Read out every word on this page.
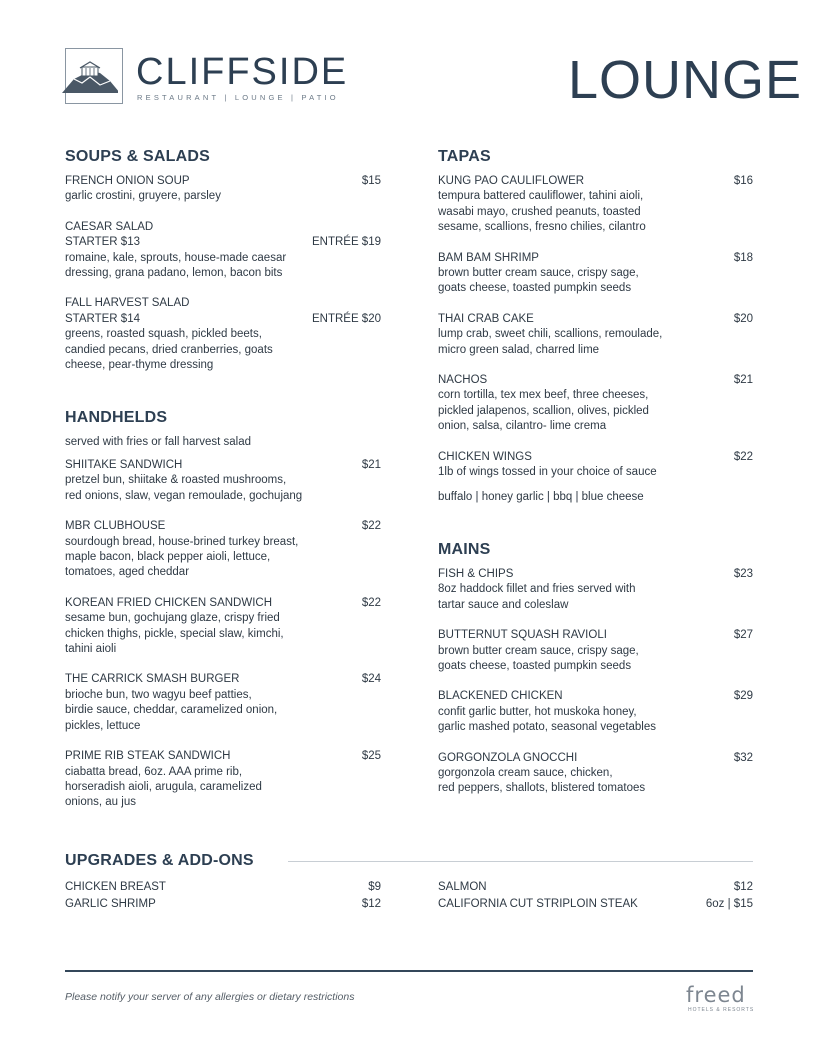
CLIFFSIDE
RESTAURANT | LOUNGE | PATIO	LOUNGE
SOUPS & SALADS
FRENCH ONION SOUP	$15
garlic crostini, gruyere, parsley
CAESAR SALAD
STARTER $13	ENTRÉE $19
romaine, kale, sprouts, house-made caesar
dressing, grana padano, lemon, bacon bits
FALL HARVEST SALAD
STARTER $14	ENTRÉE $20
greens, roasted squash, pickled beets,
candied pecans, dried cranberries, goats
cheese, pear-thyme dressing
HANDHELDS
served with fries or fall harvest salad
SHIITAKE SANDWICH	$21
pretzel bun, shiitake & roasted mushrooms,
red onions, slaw, vegan remoulade, gochujang
MBR CLUBHOUSE	$22
sourdough bread, house-brined turkey breast,
maple bacon, black pepper aioli, lettuce,
tomatoes, aged cheddar
KOREAN FRIED CHICKEN SANDWICH	$22
sesame bun, gochujang glaze, crispy fried
chicken thighs, pickle, special slaw, kimchi,
tahini aioli
THE CARRICK SMASH BURGER	$24
brioche bun, two wagyu beef patties,
birdie sauce, cheddar, caramelized onion,
pickles, lettuce
PRIME RIB STEAK SANDWICH	$25
ciabatta bread, 6oz. AAA prime rib,
horseradish aioli, arugula, caramelized
onions, au jus
TAPAS
KUNG PAO CAULIFLOWER	$16
tempura battered cauliflower, tahini aioli,
wasabi mayo, crushed peanuts, toasted
sesame, scallions, fresno chilies, cilantro
BAM BAM SHRIMP	$18
brown butter cream sauce, crispy sage,
goats cheese, toasted pumpkin seeds
THAI CRAB CAKE	$20
lump crab, sweet chili, scallions, remoulade,
micro green salad, charred lime
NACHOS	$21
corn tortilla, tex mex beef, three cheeses,
pickled jalapenos, scallion, olives, pickled
onion, salsa, cilantro- lime crema
CHICKEN WINGS	$22
1lb of wings tossed in your choice of sauce
buffalo | honey garlic | bbq | blue cheese
MAINS
FISH & CHIPS	$23
8oz haddock fillet and fries served with
tartar sauce and coleslaw
BUTTERNUT SQUASH RAVIOLI	$27
brown butter cream sauce, crispy sage,
goats cheese, toasted pumpkin seeds
BLACKENED CHICKEN	$29
confit garlic butter, hot muskoka honey,
garlic mashed potato, seasonal vegetables
GORGONZOLA GNOCCHI	$32
gorgonzola cream sauce, chicken,
red peppers, shallots, blistered tomatoes
UPGRADES & ADD-ONS
CHICKEN BREAST	$9
GARLIC SHRIMP	$12
SALMON	$12
CALIFORNIA CUT STRIPLOIN STEAK	6oz | $15
Please notify your server of any allergies or dietary restrictions	freed
HOTELS & RESORTS
